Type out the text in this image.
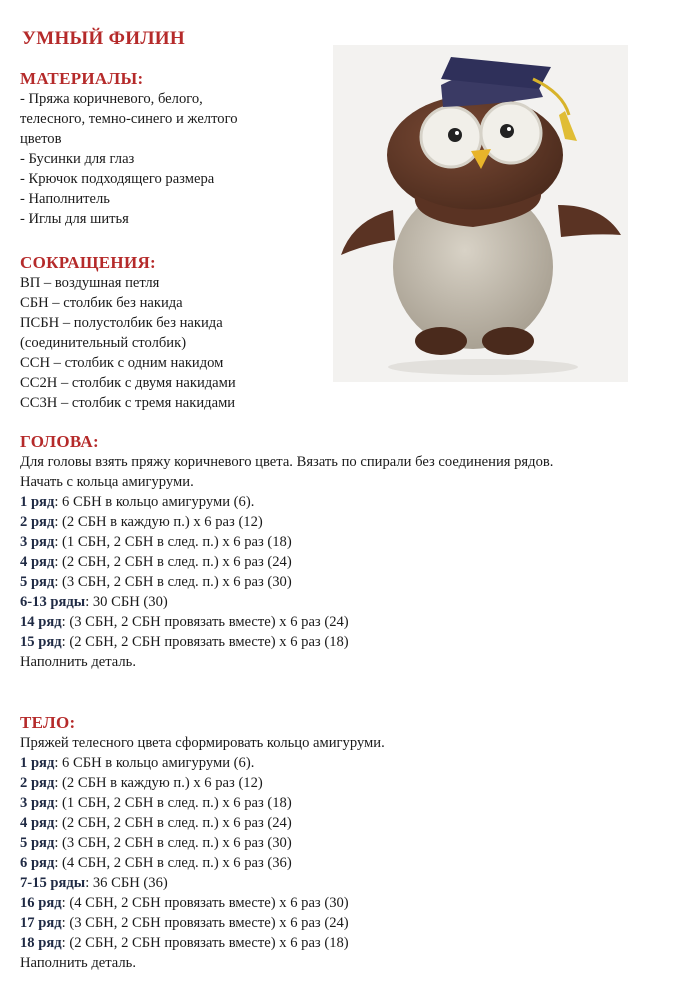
УМНЫЙ ФИЛИН
МАТЕРИАЛЫ:
- Пряжа коричневого, белого,
телесного, темно-синего и желтого
цветов
- Бусинки для глаз
- Крючок подходящего размера
- Наполнитель
- Иглы для шитья
СОКРАЩЕНИЯ:
ВП – воздушная петля
СБН – столбик без накида
ПСБН – полустолбик без накида
(соединительный столбик)
ССН – столбик с одним накидом
СС2Н – столбик с двумя накидами
СС3Н – столбик с тремя накидами
ГОЛОВА:
Для головы взять пряжу коричневого цвета. Вязать по спирали без соединения рядов.
Начать с кольца амигуруми.
1 ряд: 6 СБН в кольцо амигуруми (6).
2 ряд: (2 СБН в каждую п.) х 6 раз (12)
3 ряд: (1 СБН, 2 СБН в след. п.) х 6 раз (18)
4 ряд: (2 СБН, 2 СБН в след. п.) х 6 раз (24)
5 ряд: (3 СБН, 2 СБН в след. п.) х 6 раз (30)
6-13 ряды: 30 СБН (30)
14 ряд: (3 СБН, 2 СБН провязать вместе) х 6 раз (24)
15 ряд: (2 СБН, 2 СБН провязать вместе) х 6 раз (18)
Наполнить деталь.
ТЕЛО:
Пряжей телесного цвета сформировать кольцо амигуруми.
1 ряд: 6 СБН в кольцо амигуруми (6).
2 ряд: (2 СБН в каждую п.) х 6 раз (12)
3 ряд: (1 СБН, 2 СБН в след. п.) х 6 раз (18)
4 ряд: (2 СБН, 2 СБН в след. п.) х 6 раз (24)
5 ряд: (3 СБН, 2 СБН в след. п.) х 6 раз (30)
6 ряд: (4 СБН, 2 СБН в след. п.) х 6 раз (36)
7-15 ряды: 36 СБН (36)
16 ряд: (4 СБН, 2 СБН провязать вместе) х 6 раз (30)
17 ряд: (3 СБН, 2 СБН провязать вместе) х 6 раз (24)
18 ряд: (2 СБН, 2 СБН провязать вместе) х 6 раз (18)
Наполнить деталь.
